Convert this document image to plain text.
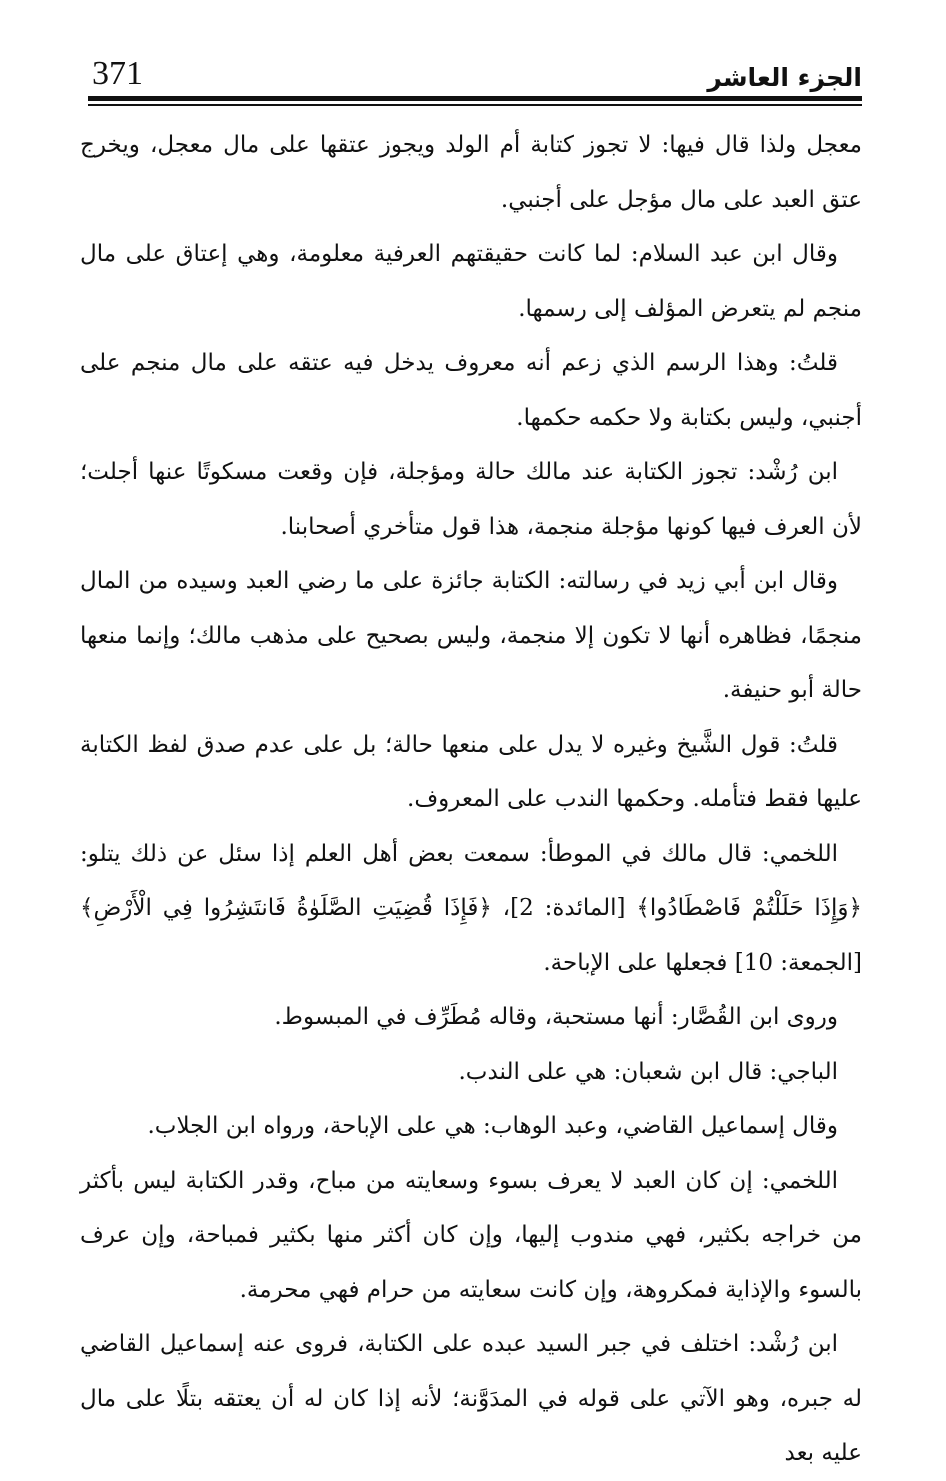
371	الجزء العاشر

معجل ولذا قال فيها: لا تجوز كتابة أم الولد ويجوز عتقها على مال معجل، ويخرج عتق العبد على مال مؤجل على أجنبي.

وقال ابن عبد السلام: لما كانت حقيقتهم العرفية معلومة، وهي إعتاق على مال منجم لم يتعرض المؤلف إلى رسمها.

قلتُ: وهذا الرسم الذي زعم أنه معروف يدخل فيه عتقه على مال منجم على أجنبي، وليس بكتابة ولا حكمه حكمها.

ابن رُشْد: تجوز الكتابة عند مالك حالة ومؤجلة، فإن وقعت مسكوتًا عنها أجلت؛ لأن العرف فيها كونها مؤجلة منجمة، هذا قول متأخري أصحابنا.

وقال ابن أبي زيد في رسالته: الكتابة جائزة على ما رضي العبد وسيده من المال منجمًا، فظاهره أنها لا تكون إلا منجمة، وليس بصحيح على مذهب مالك؛ وإنما منعها حالة أبو حنيفة.

قلتُ: قول الشَّيخ وغيره لا يدل على منعها حالة؛ بل على عدم صدق لفظ الكتابة عليها فقط فتأمله. وحكمها الندب على المعروف.

اللخمي: قال مالك في الموطأ: سمعت بعض أهل العلم إذا سئل عن ذلك يتلو: ﴿وَإِذَا حَلَلْتُمْ فَاصْطَادُوا﴾ [المائدة: 2]، ﴿فَإِذَا قُضِيَتِ الصَّلَوٰةُ فَانتَشِرُوا فِي الْأَرْضِ﴾ [الجمعة: 10] فجعلها على الإباحة.

وروى ابن القُصَّار: أنها مستحبة، وقاله مُطَرِّف في المبسوط.

الباجي: قال ابن شعبان: هي على الندب.

وقال إسماعيل القاضي، وعبد الوهاب: هي على الإباحة، ورواه ابن الجلاب.

اللخمي: إن كان العبد لا يعرف بسوء وسعايته من مباح، وقدر الكتابة ليس بأكثر من خراجه بكثير، فهي مندوب إليها، وإن كان أكثر منها بكثير فمباحة، وإن عرف بالسوء والإذاية فمكروهة، وإن كانت سعايته من حرام فهي محرمة.

ابن رُشْد: اختلف في جبر السيد عبده على الكتابة، فروى عنه إسماعيل القاضي له جبره، وهو الآتي على قوله في المدَوَّنة؛ لأنه إذا كان له أن يعتقه بتلًا على مال عليه بعد
